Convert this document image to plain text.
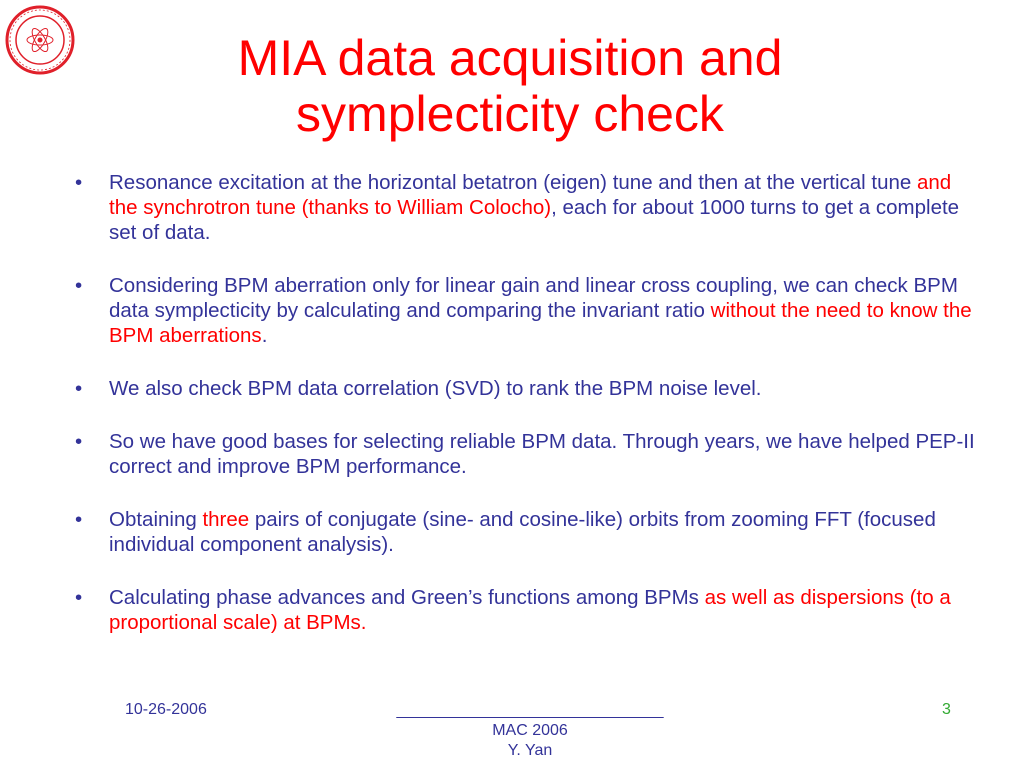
MIA data acquisition and
symplecticity check
• Resonance excitation at the horizontal betatron (eigen) tune and then at the vertical tune and the synchrotron tune (thanks to William Colocho), each for about 1000 turns to get a complete set of data.
• Considering BPM aberration only for linear gain and linear cross coupling, we can check BPM data symplecticity by calculating and comparing the invariant ratio without the need to know the BPM aberrations.
• We also check BPM data correlation (SVD) to rank the BPM noise level.
• So we have good bases for selecting reliable BPM data. Through years, we have helped PEP-II correct and improve BPM performance.
• Obtaining three pairs of conjugate (sine- and cosine-like) orbits from zooming FFT (focused individual component analysis).
• Calculating phase advances and Green’s functions among BPMs as well as dispersions (to a proportional scale) at BPMs.
10-26-2006	______________________________
MAC 2006
Y. Yan
3
